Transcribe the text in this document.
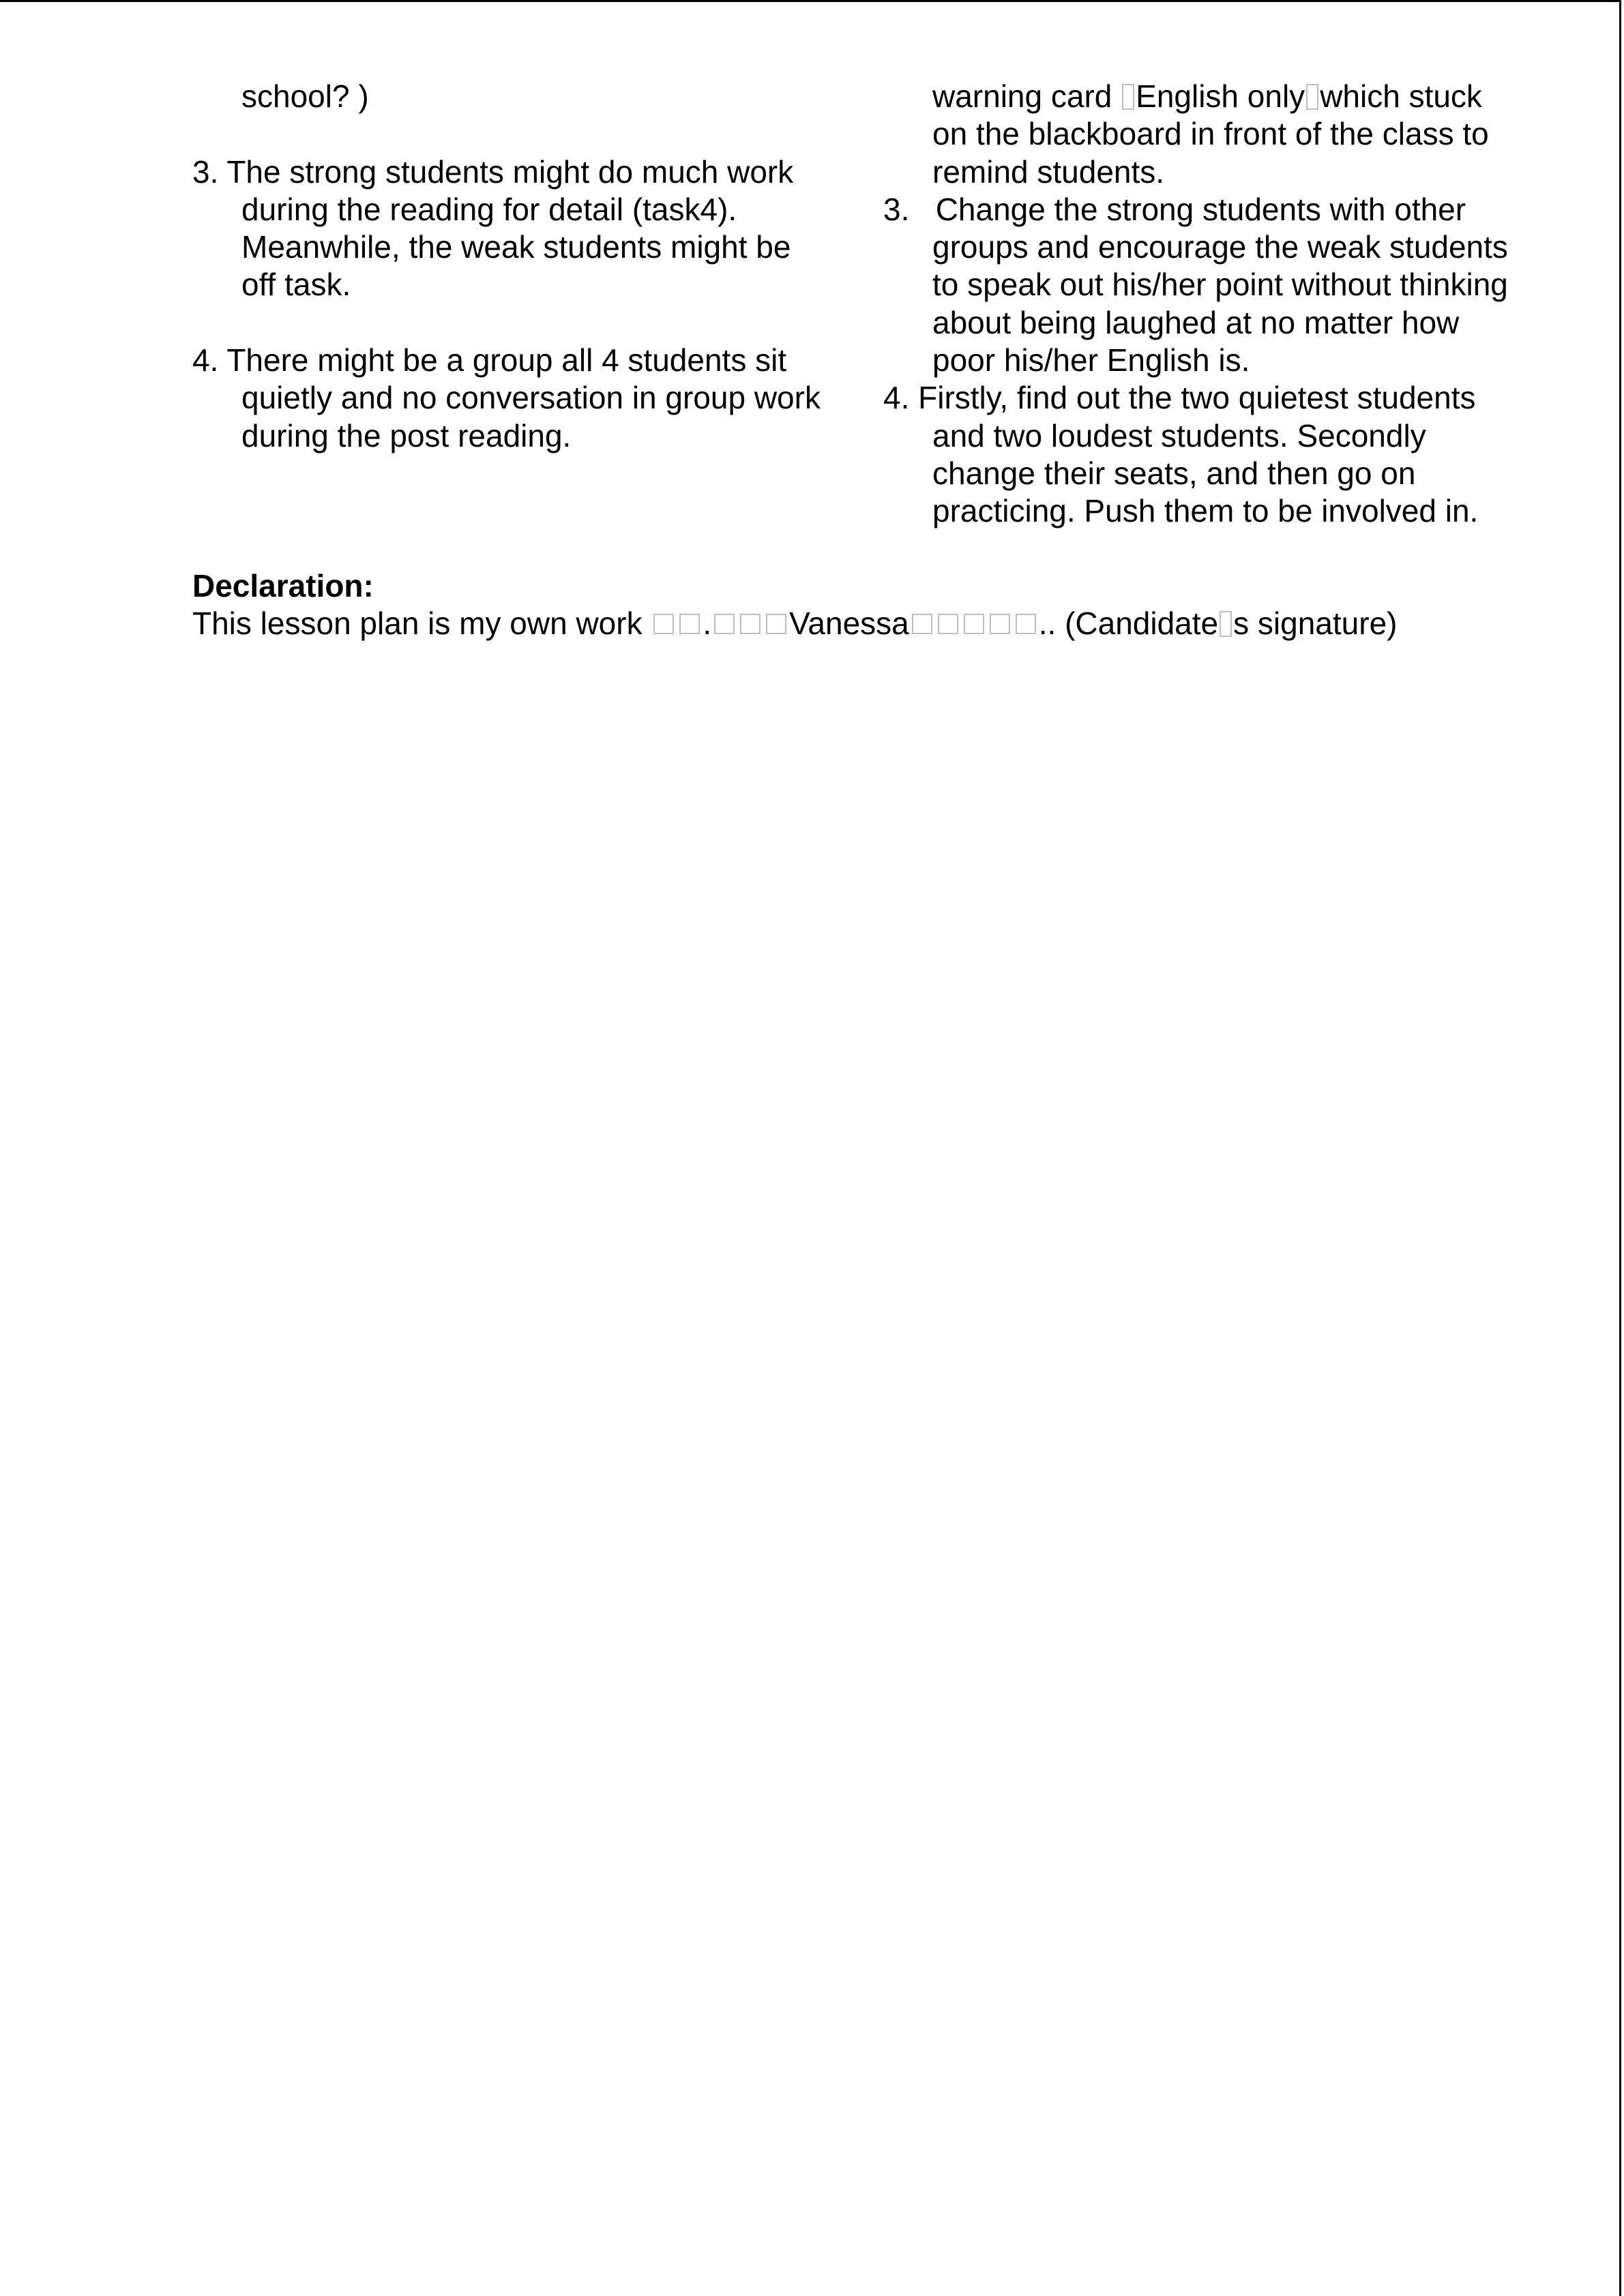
school? )
3. The strong students might do much work
during the reading for detail (task4).
Meanwhile, the weak students might be
off task.
4. There might be a group all 4 students sit
quietly and no conversation in group work
during the post reading.
warning card English only which stuck
on the blackboard in front of the class to
remind students.
3.   Change the strong students with other
groups and encourage the weak students
to speak out his/her point without thinking
about being laughed at no matter how
poor his/her English is.
4. Firstly, find out the two quietest students
and two loudest students. Secondly
change their seats, and then go on
practicing. Push them to be involved in.
Declaration:
This lesson plan is my own work . Vanessa	.. (Candidate s signature)
